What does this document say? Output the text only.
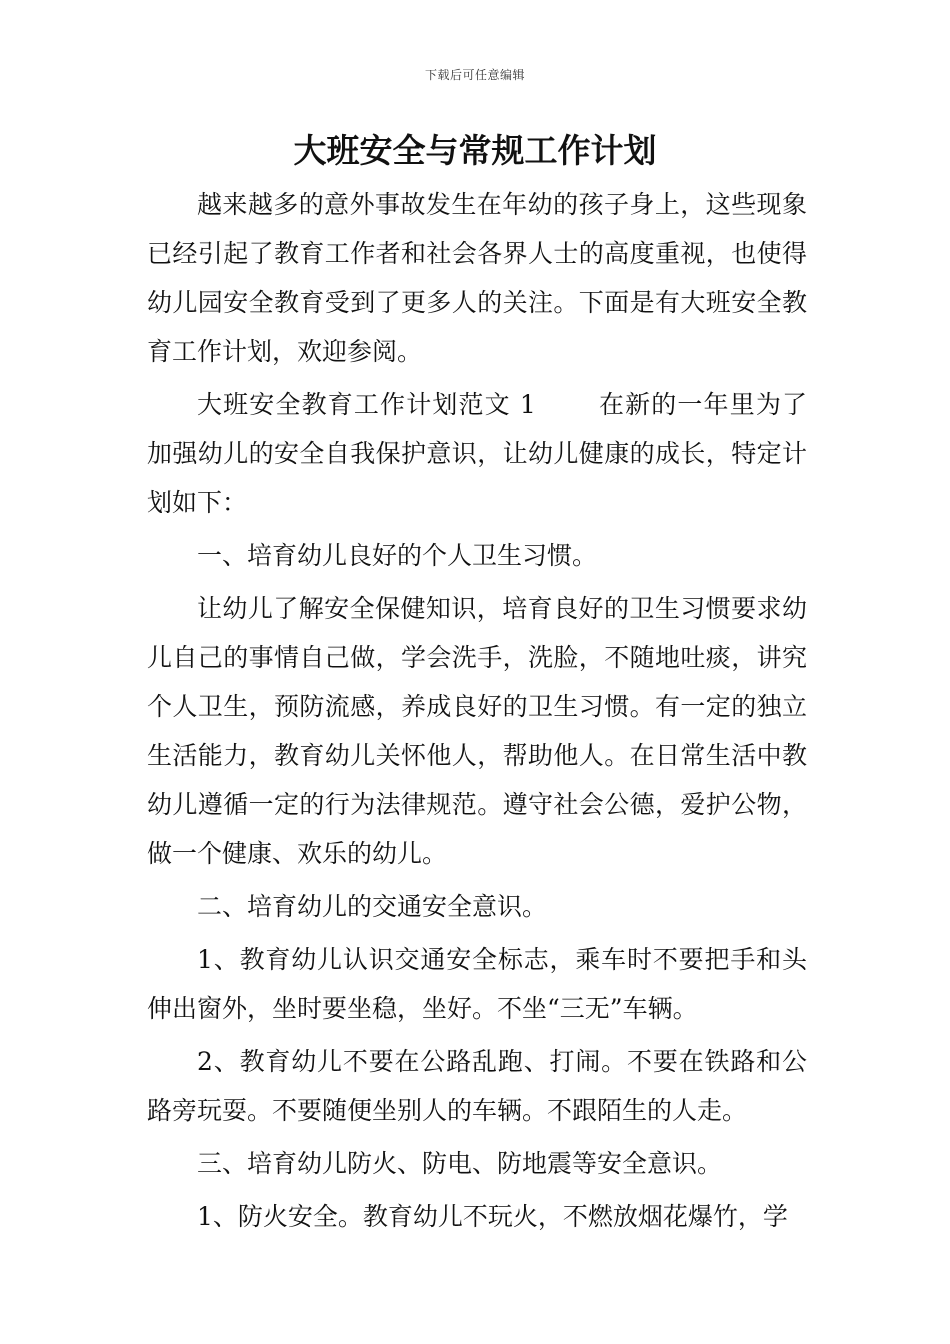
下载后可任意编辑
大班安全与常规工作计划

越来越多的意外事故发生在年幼的孩子身上，这些现象已经引起了教育工作者和社会各界人士的高度重视，也使得幼儿园安全教育受到了更多人的关注。下面是有大班安全教育工作计划，欢迎参阅。

大班安全教育工作计划范文 1 在新的一年里为了加强幼儿的安全自我保护意识，让幼儿健康的成长，特定计划如下：

一、培育幼儿良好的个人卫生习惯。

让幼儿了解安全保健知识，培育良好的卫生习惯要求幼儿自己的事情自己做，学会洗手，洗脸，不随地吐痰，讲究个人卫生，预防流感，养成良好的卫生习惯。有一定的独立生活能力，教育幼儿关怀他人，帮助他人。在日常生活中教幼儿遵循一定的行为法律规范。遵守社会公德，爱护公物，做一个健康、欢乐的幼儿。

二、培育幼儿的交通安全意识。

1、教育幼儿认识交通安全标志，乘车时不要把手和头伸出窗外，坐时要坐稳，坐好。不坐“三无”车辆。

2、教育幼儿不要在公路乱跑、打闹。不要在铁路和公路旁玩耍。不要随便坐别人的车辆。不跟陌生的人走。

三、培育幼儿防火、防电、防地震等安全意识。

1、防火安全。教育幼儿不玩火，不燃放烟花爆竹，学
